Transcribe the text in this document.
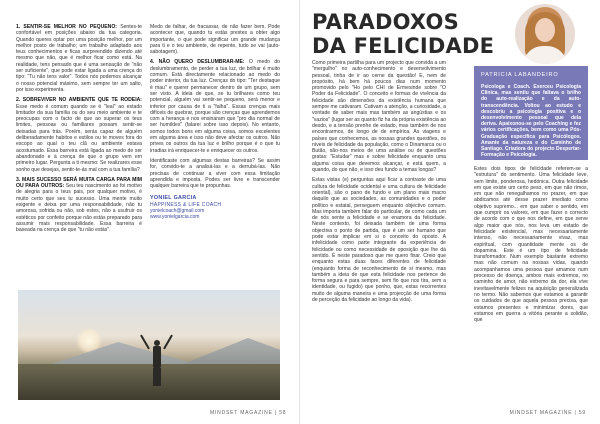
1. SENTIR-SE MELHOR NO PEQUENO: Sentes-te confortável em posições abaixo da tua categoria. Quando queres optar por uma posição melhor, por um melhor posto de trabalho; um trabalho adaptado aos teus conhecimentos e ficas surpreendido dizendo até mesmo que não, que é melhor ficar como está. Na realidade, tens pensado que é uma sensação de "não ser suficiente", que pode estar ligada a uma crença do tipo: "Tu não tens valor". Todos nós podemos alcançar o nosso potencial máximo, sem sempre ter um salto, por isso experimenta.

2. SOBREVIVER NO AMBIENTE QUE TE RODEIA: Esse medo é comum quando se é "leal" ao estado limitador da sua família ou do seu meio ambiente e te preocupas com o facto de que ao superar os teus limites, pessoas ou familiares possam sentir-se deixadas para trás. Porém, serás capaz de alguém deliberadamente habitos e estilos ou te moves fora do escopo ao qual o teu clã ou ambiente estava acostumado. Essa barreira está ligada ao medo de ser abandonado e à crença de que o grupo vem em primeiro lugar. Pergunta a ti mesmo: Se realizares esse sonho que desejas, sentir-te-ás mal com a tua família?

3. MAIS SUCESSO SERÁ MUITA CARGA PARA MIM OU PARA OUTROS: Seu teu nascimento ao foi motivo de alegria para o teus pais, por qualquer motivo, é muito certo que seu tu sucesso. Uma mente muito exigente e deixa por uma responsabilidade, não tu amorosa, sofrida ou não, sob estes, não a usufruir os estéticos por confeito porque não estás preparado para assumir mais responsabilidade. Essa barreira é baseada na crença de que "tu não estás".

Medo de falhar, de fracassar, de não fazer bem. Pode acontecer que, quando tu estás prestes a obter algo importante, o que pode significar um grande mudança para ti e o teu ambiente, de repente, tudo se vai (auto-sabotagem).

4. NÃO QUERO DESLUMBRAR-ME: O medo do deslumbramento, de perder a tua luz, de brilhar é muito comum. Está directamente relacionado ao medo do poder interior, da tua luz. Crenças do tipo: "Ter destaque é mau" e querer permanecer dentro de um grupo, sem ser visto. A ideia de que, se tu brilhares como teu potencial, alguém vai sentir-se pequeno, será menor e inferior por causa de ti a "falha". Essas crenças mais difíceis de quebrar, porque são crenças que aprendemos com a herança e nos ensinaram que "pro dia normal de ser humildes" (falarei sobre isso depois). No entanto, somos todos bons em alguma coisa, somos excelentes em alguma área e isso não deve afectar os outros. Não prives os outros da tua luz e brilho porque é o que tu irradias irá enriquecer-te e enriquecer os outros.

Identificaste com algumas destas barreiras? Se assim for, convido-te a analisá-las e a derrubá-las. Não precisas de continuar a viver com essa limitação aprendida e imposta. Podes ser livre e transcender qualquer barreira que te propunhas.

YONIEL GARCIA
HAPPINESS & LIFE COACH
yonielcoach@gmail.com
www.yonielgarcia.com
MINDSET MAGAZINE | 58
PARADOXOS DA FELICIDADE

Como primeira partilha para um projecto que convida a um "mergulho" no auto-conhecimento e desenvolvimento pessoal, tinha de ir ao cerne da questão! E, nem de propósito, há bem há poucos dias num momento promovido pelo "Ho pelo CHI de Ermesinde sobre "O Poder da Felicidade". O conceito e formas de vivência da felicidade são dimensões da existência humana que sempre me cativaram. Cativam a atenção, a curiosidade, a vontade de saber mais mas também as angústias e os "vazios" (lugar ser as quanto fiz ha da própria existência ao desdo, e a tensão prenhe de estado, mas também de nos encontrarmos, de longo de de empírica. As viagens e países que conhecemos, as nossas grandes questões, os níveis de felicidade da população, como o Dinamarca ou o Butão, são-nos meios de uma análise ou de questões gratas: "Estudar" mas e sobre felicidade enquanto uma alguma coisa que devemos alcançar, e está quem, a quando, do que não, e isso deu fundo a temas longas?

Estas vistas (e) perguntas aqui ficar a contraste de uma cultura de felicidade ocidental e uma cultura de felicidade oriental), são o pano de fundo e um plano mais macro daquilo que as sociedades, as comunidades e o poder político e estatal, perseguem enquanto objectivo comum. Mas importa também falar do particular, de como cada um de nós sente a felicidade e se enamora da felicidade. Neste contexto, foi deixada também de uma forma objectiva o ponto de partida, que é um ser humano que pode estar implicar em si o conceito do oposto. A infelicidade como parte integrante da experiência de felicidade ou como necessidade de oposição que lhe dá sentido. É neste paradoxo que me quero fixar. Creio que enquanto estas duas faces diferentes de felicidade (enquanto forma de reconhecimento de si mesmo, mas também a ideia de que esta felicidade nos pertence de forma segura e para sempre, sem fio que nos tira, sem a identidade, ou fugido) que ponho, que, estas recorrentes muito de alguma maneira e uma projecção de uma forma de perceção da felicidade ao longo da vida).

PATRICIA LABANDEIRO
Psicologa e Coach. Exerceu Psicologia Clínica, mas sentiu que faltava o brilho do auto-realização e da auto-transcendência. Voltou ao estudo e descobriu a psicologia positiva e o desenvolvimento pessoal que dela deriva. Apaixonou-se pelo Coaching e fez vários certificações, bem como uma Pós-Graduação específica para Psicólogos. Amante da natureza e do Caminho de Santiago. Criadora do projecto Despertar-Formação e Psicologia.

Estes dois tipos de felicidade referem-se a "estrutura" do sentimento. Uma felicidade leve, sem limite, ponderosa, hedónica. Outra felicidade em que existe um certo peso, em que não rimos, em que não renegalhamos no prazer, em que abdicamos até desse prazer imediato como objetivo supremo... em que saber o sentido, em que cumprir os valores, em que fazer o correcto de acordo com o que nos define, em que serve algo maior que nós, nos leva um estado de felicidade existencial, mas necessariamente intenso, não necessariamente vivaz, mas espiritual, com quantidade mente os de dopamina. Este é um tipo de felicidade transformador. Num exemplo bastante extremo mas não comum na nossas vidas, quando acompanhamos uma pessoa que amamos num processo de doença, ambos mais extremos, no caminho de amor, não extremo da dor, ela vive inevitavelmente felizes na aquisição generalizada no termo. Não sabemos que estamos a garantir os cuidados de que aquela pessoa precisa, que estamos presentes e minimizar dores, que estamos em guerra a vitória perante a solidão, que

MINDSET MAGAZINE | 59
